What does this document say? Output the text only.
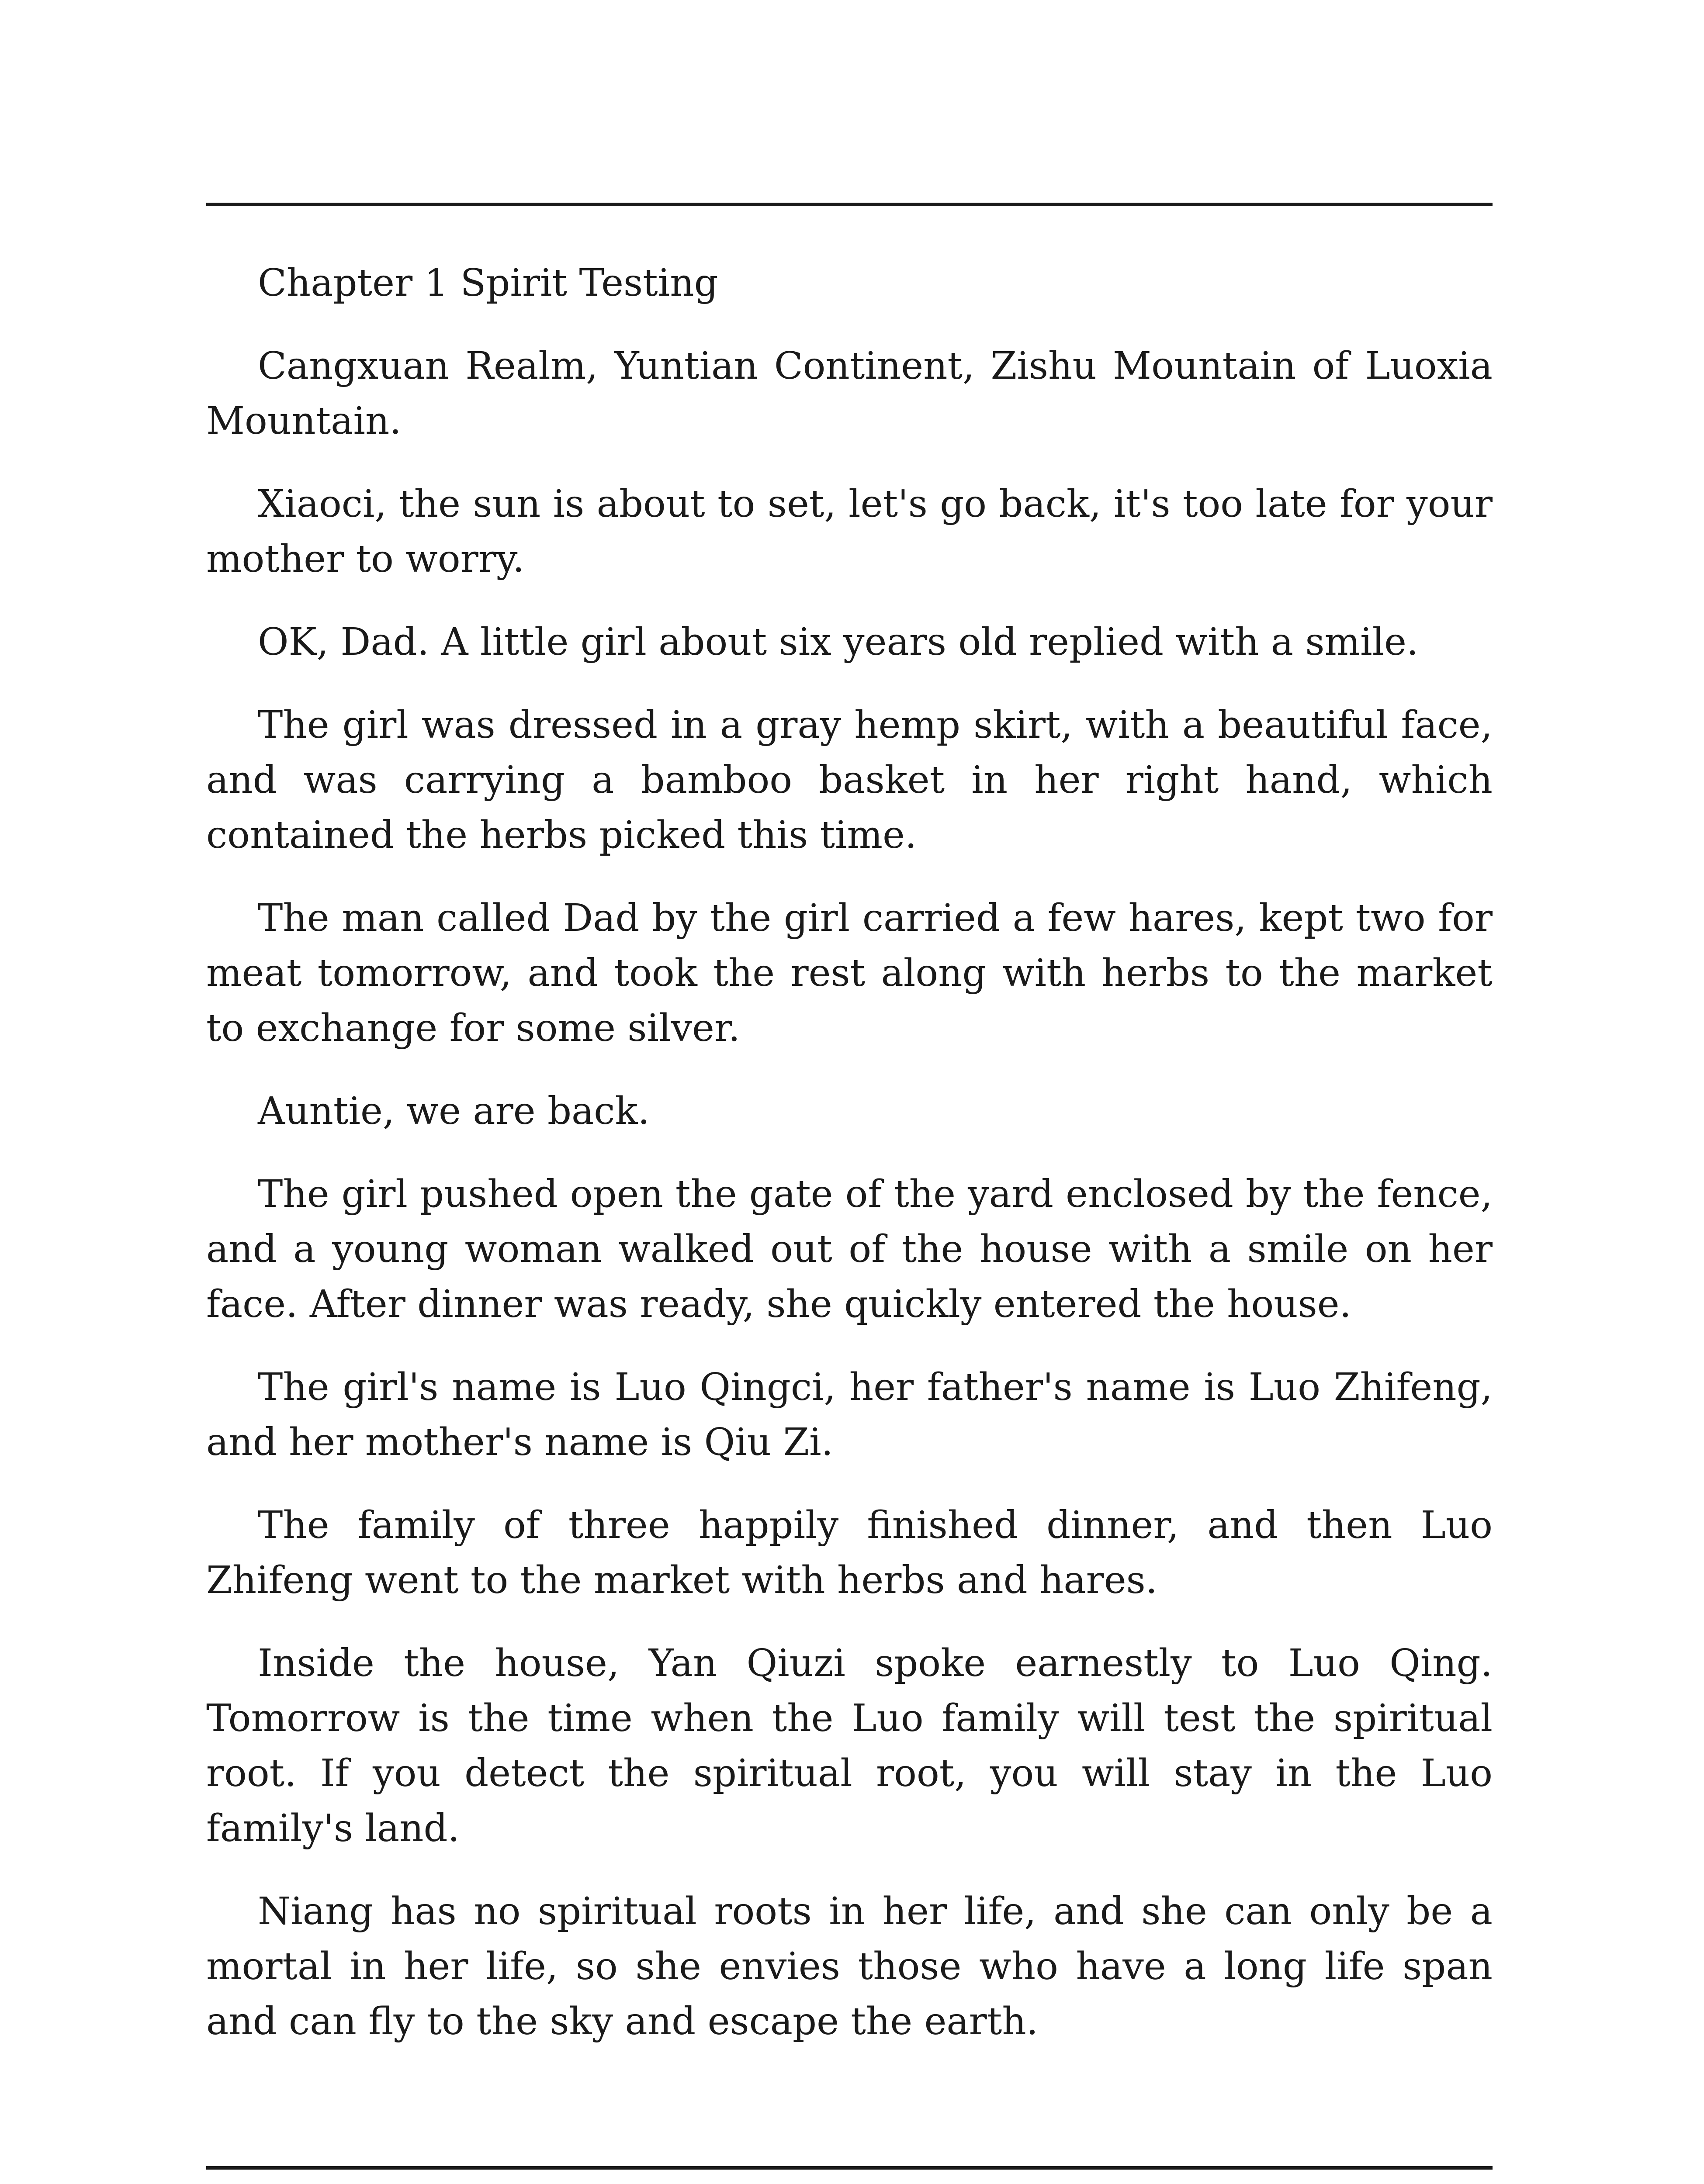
Chapter 1 Spirit Testing

Cangxuan Realm, Yuntian Continent, Zishu Mountain of Luoxia Mountain.

Xiaoci, the sun is about to set, let's go back, it's too late for your mother to worry.

OK, Dad. A little girl about six years old replied with a smile.

The girl was dressed in a gray hemp skirt, with a beautiful face, and was carrying a bamboo basket in her right hand, which contained the herbs picked this time.

The man called Dad by the girl carried a few hares, kept two for meat tomorrow, and took the rest along with herbs to the market to exchange for some silver.

Auntie, we are back.

The girl pushed open the gate of the yard enclosed by the fence, and a young woman walked out of the house with a smile on her face. After dinner was ready, she quickly entered the house.

The girl's name is Luo Qingci, her father's name is Luo Zhifeng, and her mother's name is Qiu Zi.

The family of three happily finished dinner, and then Luo Zhifeng went to the market with herbs and hares.

Inside the house, Yan Qiuzi spoke earnestly to Luo Qing. Tomorrow is the time when the Luo family will test the spiritual root. If you detect the spiritual root, you will stay in the Luo family's land.

Niang has no spiritual roots in her life, and she can only be a mortal in her life, so she envies those who have a long life span and can fly to the sky and escape the earth.
